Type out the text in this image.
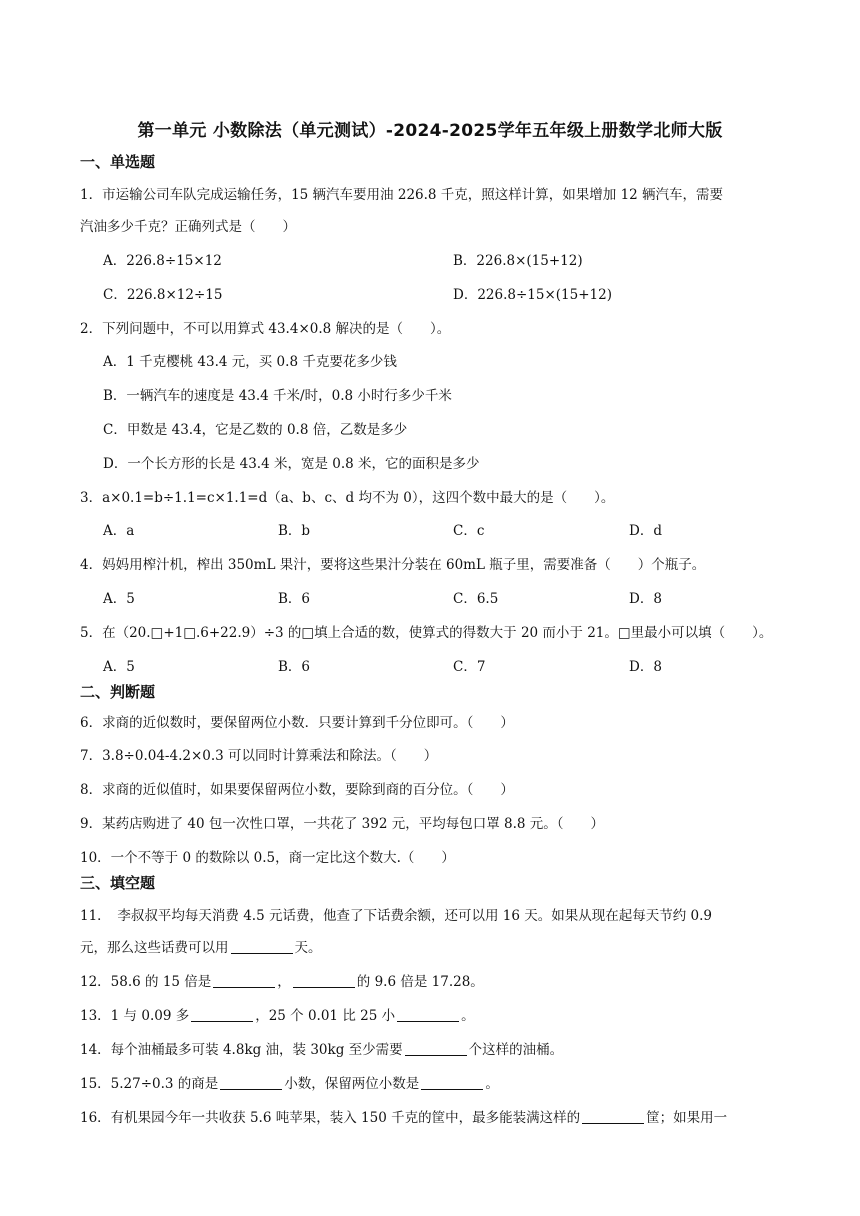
第一单元 小数除法（单元测试）-2024-2025学年五年级上册数学北师大版
一、单选题
1．市运输公司车队完成运输任务，15 辆汽车要用油 226.8 千克，照这样计算，如果增加 12 辆汽车，需要
汽油多少千克？正确列式是（　　）
A．226.8÷15×12	B．226.8×(15+12)
C．226.8×12÷15	D．226.8÷15×(15+12)
2．下列问题中，不可以用算式 43.4×0.8 解决的是（　　）。
A．1 千克樱桃 43.4 元，买 0.8 千克要花多少钱
B．一辆汽车的速度是 43.4 千米/时，0.8 小时行多少千米
C．甲数是 43.4，它是乙数的 0.8 倍，乙数是多少
D．一个长方形的长是 43.4 米，宽是 0.8 米，它的面积是多少
3．a×0.1=b÷1.1=c×1.1=d（a、b、c、d 均不为 0），这四个数中最大的是（　　）。
A．a	B．b	C．c	D．d
4．妈妈用榨汁机，榨出 350mL 果汁，要将这些果汁分装在 60mL 瓶子里，需要准备（　　）个瓶子。
A．5	B．6	C．6.5	D．8
5．在（20.□+1□.6+22.9）÷3 的□填上合适的数，使算式的得数大于 20 而小于 21。□里最小可以填（　　）。
A．5	B．6	C．7	D．8
二、判断题
6．求商的近似数时，要保留两位小数．只要计算到千分位即可。（　　）
7．3.8÷0.04-4.2×0.3 可以同时计算乘法和除法。（　　）
8．求商的近似值时，如果要保留两位小数，要除到商的百分位。（　　）
9．某药店购进了 40 包一次性口罩，一共花了 392 元，平均每包口罩 8.8 元。（　　）
10．一个不等于 0 的数除以 0.5，商一定比这个数大.（　　）
三、填空题
11．　李叔叔平均每天消费 4.5 元话费，他查了下话费余额，还可以用 16 天。如果从现在起每天节约 0.9
元，那么这些话费可以用	天。
12．58.6 的 15 倍是	，	的 9.6 倍是 17.28。
13．1 与 0.09 多	，25 个 0.01 比 25 小	。
14．每个油桶最多可装 4.8kg 油，装 30kg 至少需要	个这样的油桶。
15．5.27÷0.3 的商是	小数，保留两位小数是	。
16．有机果园今年一共收获 5.6 吨苹果，装入 150 千克的筐中，最多能装满这样的	筐；如果用一
